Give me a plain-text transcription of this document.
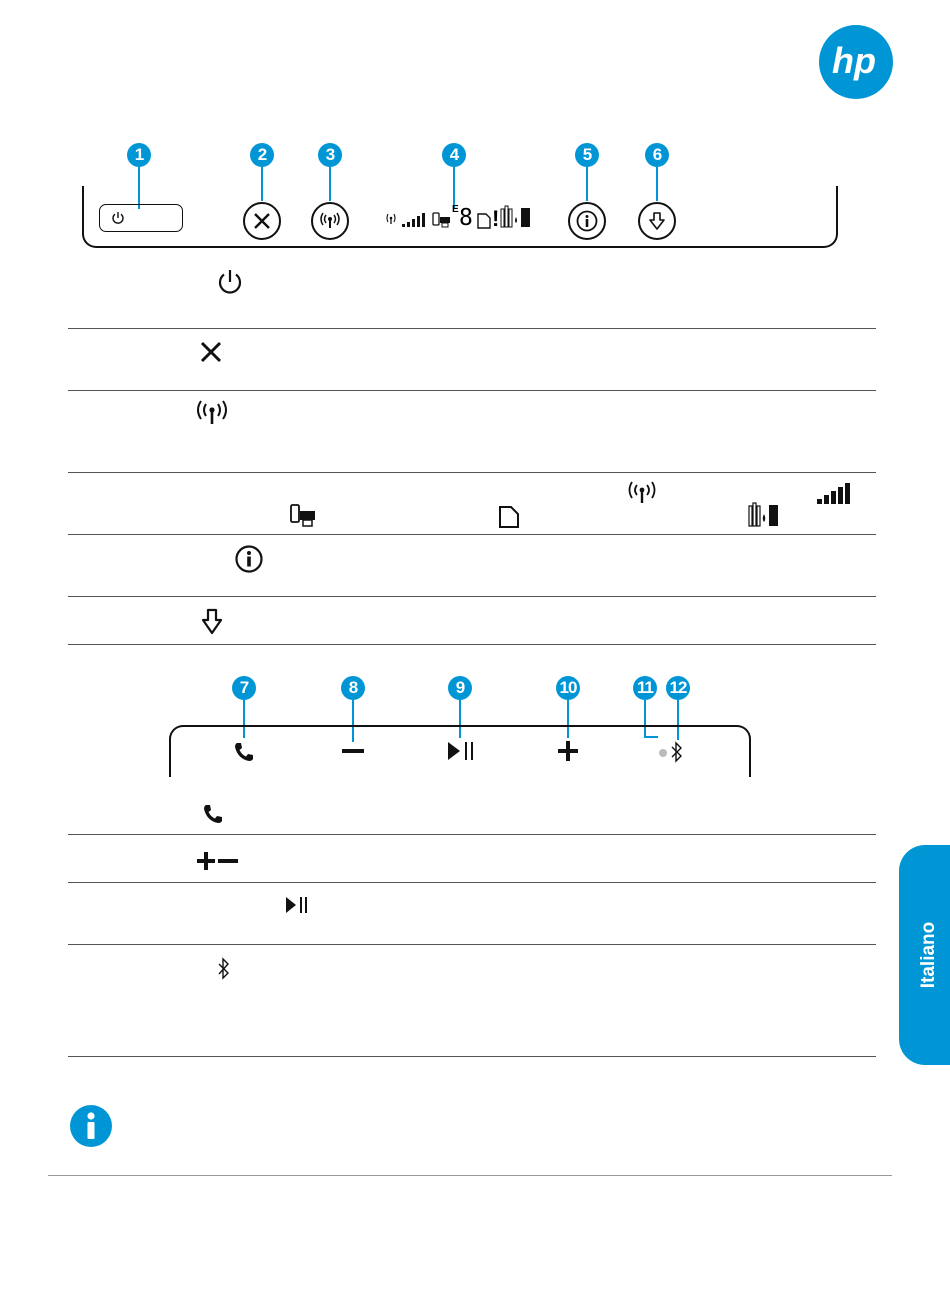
hp
1	2	3	4	5	6
E 8 !
7	8	9	10	11 12
Italiano
